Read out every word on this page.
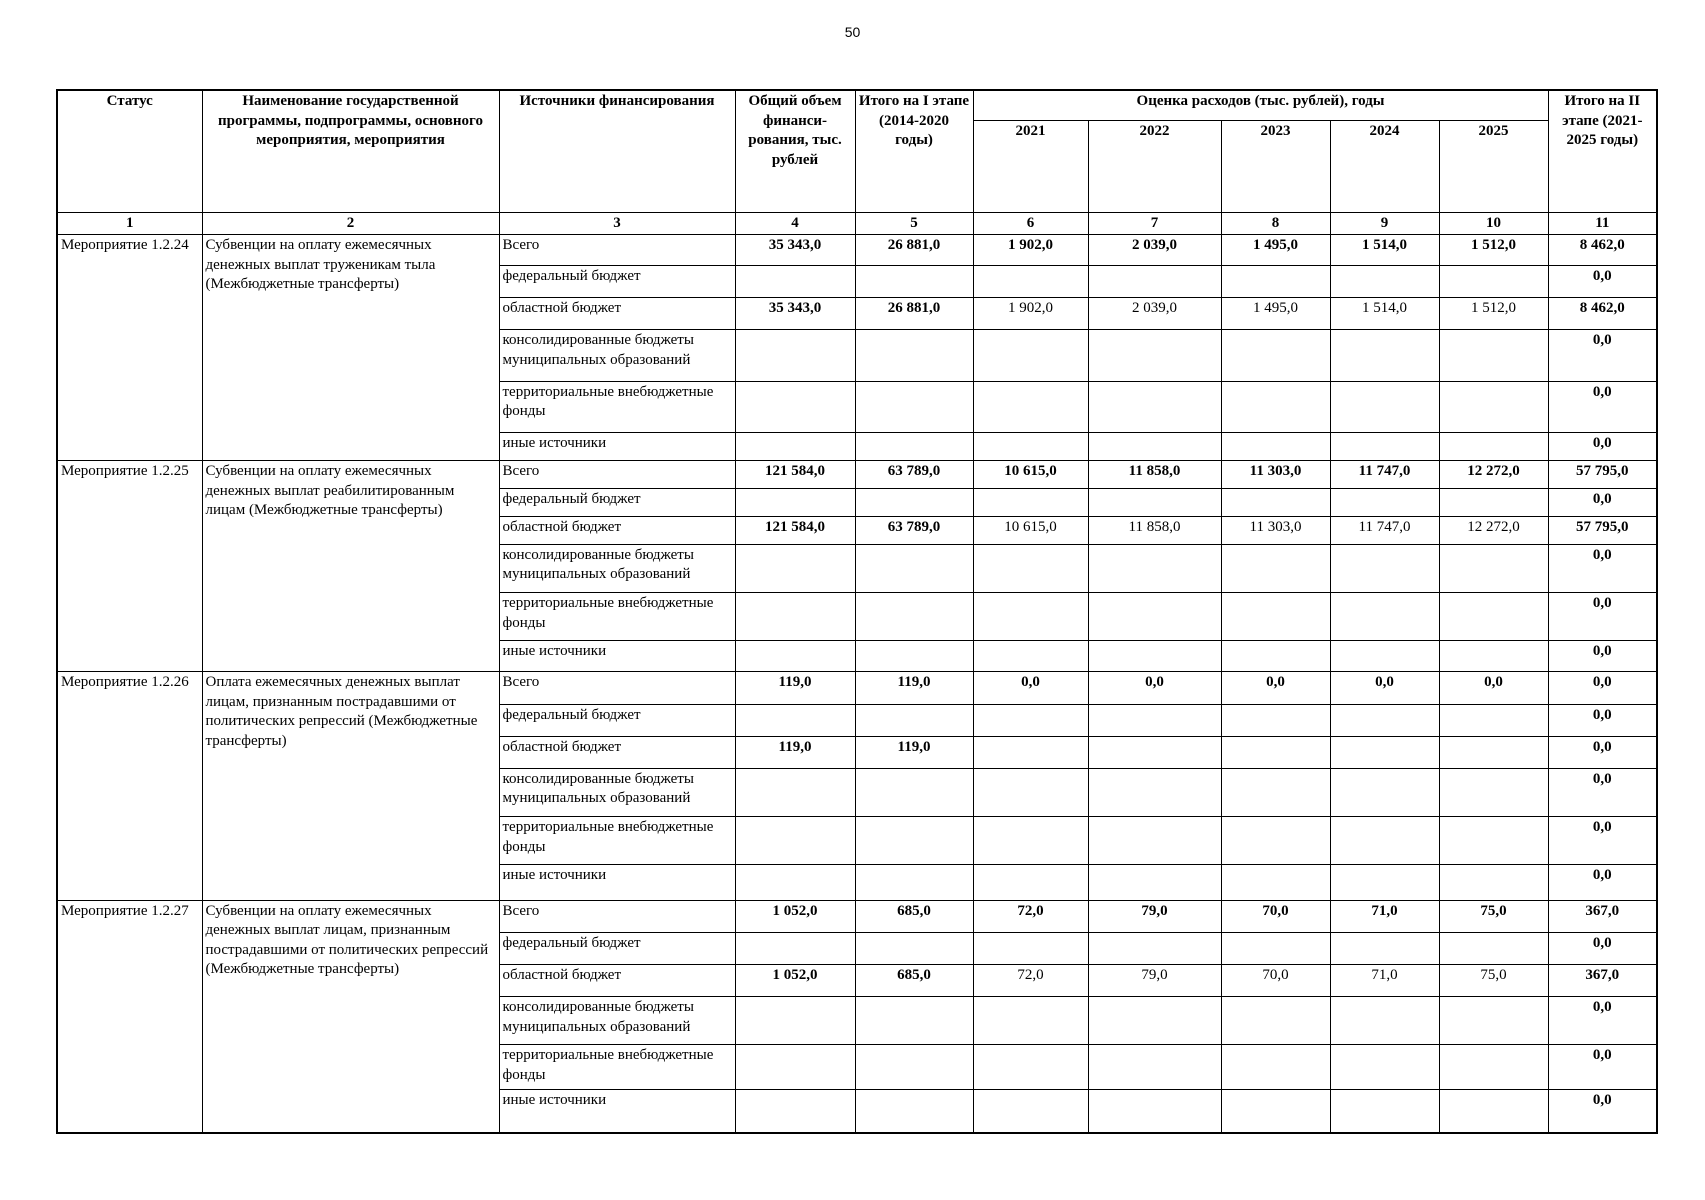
50
Статус	Наименование государственной программы, подпрограммы, основного мероприятия, мероприятия	Источники финансирования	Общий объем финанси-рования, тыс. рублей	Итого на I этапе (2014-2020 годы)	Оценка расходов (тыс. рублей), годы					Итого на II этапе (2021-2025 годы)
					2021	2022	2023	2024	2025	
1	2	3	4	5	6	7	8	9	10	11
Мероприятие 1.2.24	Субвенции на оплату ежемесячных денежных выплат труженикам тыла (Межбюджетные трансферты)	Всего	35 343,0	26 881,0	1 902,0	2 039,0	1 495,0	1 514,0	1 512,0	8 462,0
		федеральный бюджет								0,0
		областной бюджет	35 343,0	26 881,0	1 902,0	2 039,0	1 495,0	1 514,0	1 512,0	8 462,0
		консолидированные бюджеты муниципальных образований								0,0
		территориальные внебюджетные фонды								0,0
		иные источники								0,0
Мероприятие 1.2.25	Субвенции на оплату ежемесячных денежных выплат реабилитированным лицам (Межбюджетные трансферты)	Всего	121 584,0	63 789,0	10 615,0	11 858,0	11 303,0	11 747,0	12 272,0	57 795,0
		федеральный бюджет								0,0
		областной бюджет	121 584,0	63 789,0	10 615,0	11 858,0	11 303,0	11 747,0	12 272,0	57 795,0
		консолидированные бюджеты муниципальных образований								0,0
		территориальные внебюджетные фонды								0,0
		иные источники								0,0
Мероприятие 1.2.26	Оплата ежемесячных денежных выплат лицам, признанным пострадавшими от политических репрессий (Межбюджетные трансферты)	Всего	119,0	119,0	0,0	0,0	0,0	0,0	0,0	0,0
		федеральный бюджет								0,0
		областной бюджет	119,0	119,0						0,0
		консолидированные бюджеты муниципальных образований								0,0
		территориальные внебюджетные фонды								0,0
		иные источники								0,0
Мероприятие 1.2.27	Субвенции на оплату ежемесячных денежных выплат лицам, признанным пострадавшими от политических репрессий (Межбюджетные трансферты)	Всего	1 052,0	685,0	72,0	79,0	70,0	71,0	75,0	367,0
		федеральный бюджет								0,0
		областной бюджет	1 052,0	685,0	72,0	79,0	70,0	71,0	75,0	367,0
		консолидированные бюджеты муниципальных образований								0,0
		территориальные внебюджетные фонды								0,0
		иные источники								0,0
